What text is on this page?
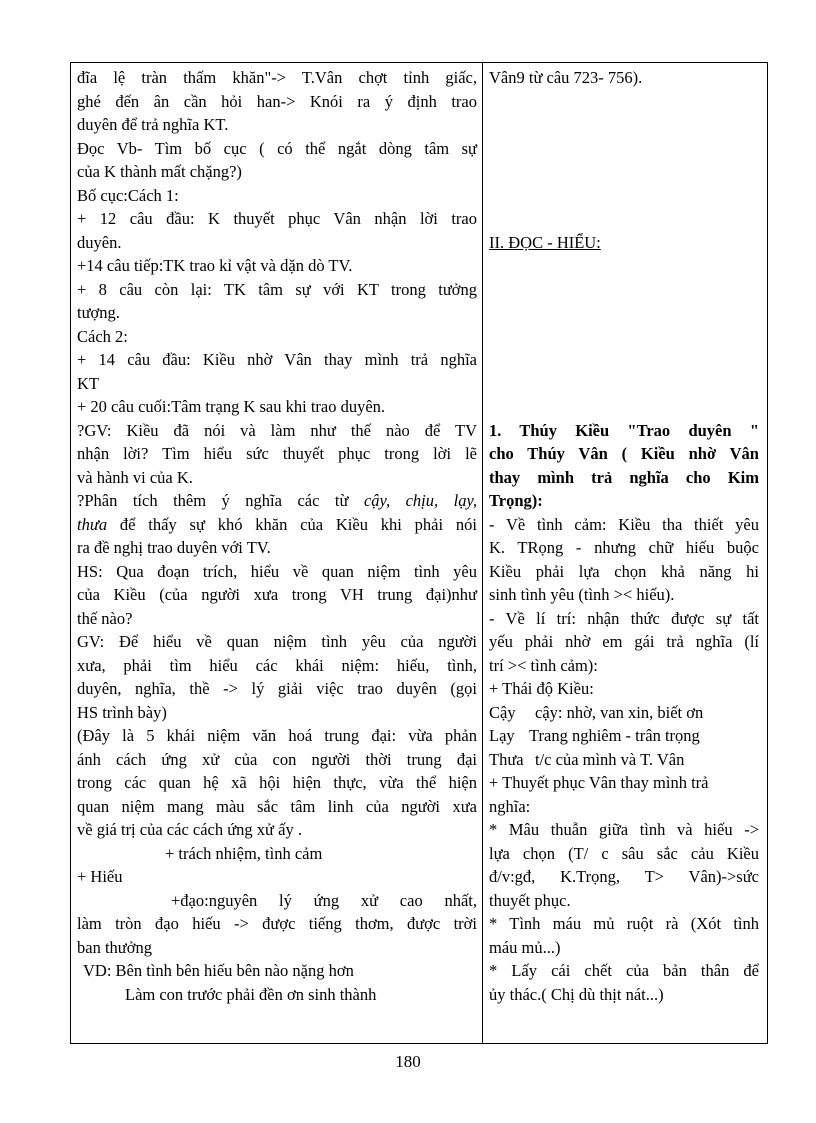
đĩa lệ tràn thấm khăn"-> T.Vân chợt tỉnh giấc,
ghé đến ân cần hỏi han-> Knói ra ý định trao
duyên để trả nghĩa KT.
Đọc Vb- Tìm bố cục ( có thể ngắt dòng tâm sự
của K thành mất chặng?)
Bố cục:Cách 1:
+ 12 câu đầu: K thuyết phục Vân nhận lời trao
duyên.
+14 câu tiếp:TK trao kỉ vật và dặn dò TV.
+ 8 câu còn lại: TK tâm sự với KT trong tưởng
tượng.
Cách 2:
+ 14 câu đầu: Kiều nhờ Vân thay mình trả nghĩa
KT
+ 20 câu cuối:Tâm trạng K sau khi trao duyên.
?GV: Kiều đã nói và làm như thế nào để TV
nhận lời? Tìm hiểu sức thuyết phục trong lời lẽ
và hành vi của K.
?Phân tích thêm ý nghĩa các từ cậy, chịu, lạy,
thưa để thấy sự khó khăn của Kiều khi phải nói
ra đề nghị trao duyên với TV.
HS: Qua đoạn trích, hiểu về quan niệm tình yêu
của Kiều (của người xưa trong VH trung đại)như
thế nào?
GV: Để hiểu về quan niệm tình yêu của người
xưa, phải tìm hiểu các khái niệm: hiếu, tình,
duyên, nghĩa, thề -> lý giải việc trao duyên (gọi
HS trình bày)
(Đây là 5 khái niệm văn hoá trung đại: vừa phản
ánh cách ứng xử của con người thời trung đại
trong các quan hệ xã hội hiện thực, vừa thể hiện
quan niệm mang màu sắc tâm linh của người xưa
về giá trị của các cách ứng xử ấy .
+ trách nhiệm, tình cảm
+ Hiếu
+đạo:nguyên lý ứng xử cao nhất,
làm tròn đạo hiếu -> được tiếng thơm, được trời
ban thưởng
VD: Bên tình bên hiếu bên nào nặng hơn
Làm con trước phải đền ơn sinh thành
Vân9 từ câu 723- 756).
II. ĐỌC - HIỂU:
1. Thúy Kiều "Trao duyên "
cho Thúy Vân ( Kiều nhờ Vân
thay mình trả nghĩa cho Kim
Trọng):
- Về tình cảm: Kiều tha thiết yêu
K. TRọng - nhưng chữ hiếu buộc
Kiều phải lựa chọn khả năng hi
sinh tình yêu (tình >< hiếu).
- Về lí trí: nhận thức được sự tất
yếu phải nhờ em gái trả nghĩa (lí
trí >< tình cảm):
+ Thái độ Kiều:
Cậy cậy: nhờ, van xin, biết ơn
Lạy Trang nghiêm - trân trọng
Thưa t/c của mình và T. Vân
+ Thuyết phục Vân thay mình trả
nghĩa:
* Mâu thuẫn giữa tình và hiếu ->
lựa chọn (T/ c sâu sắc cảu Kiều
đ/v:gđ, K.Trọng, T> Vân)->sức
thuyết phục.
* Tình máu mủ ruột rà (Xót tình
máu mủ...)
* Lấy cái chết của bản thân để
ủy thác.( Chị dù thịt nát...)
180
